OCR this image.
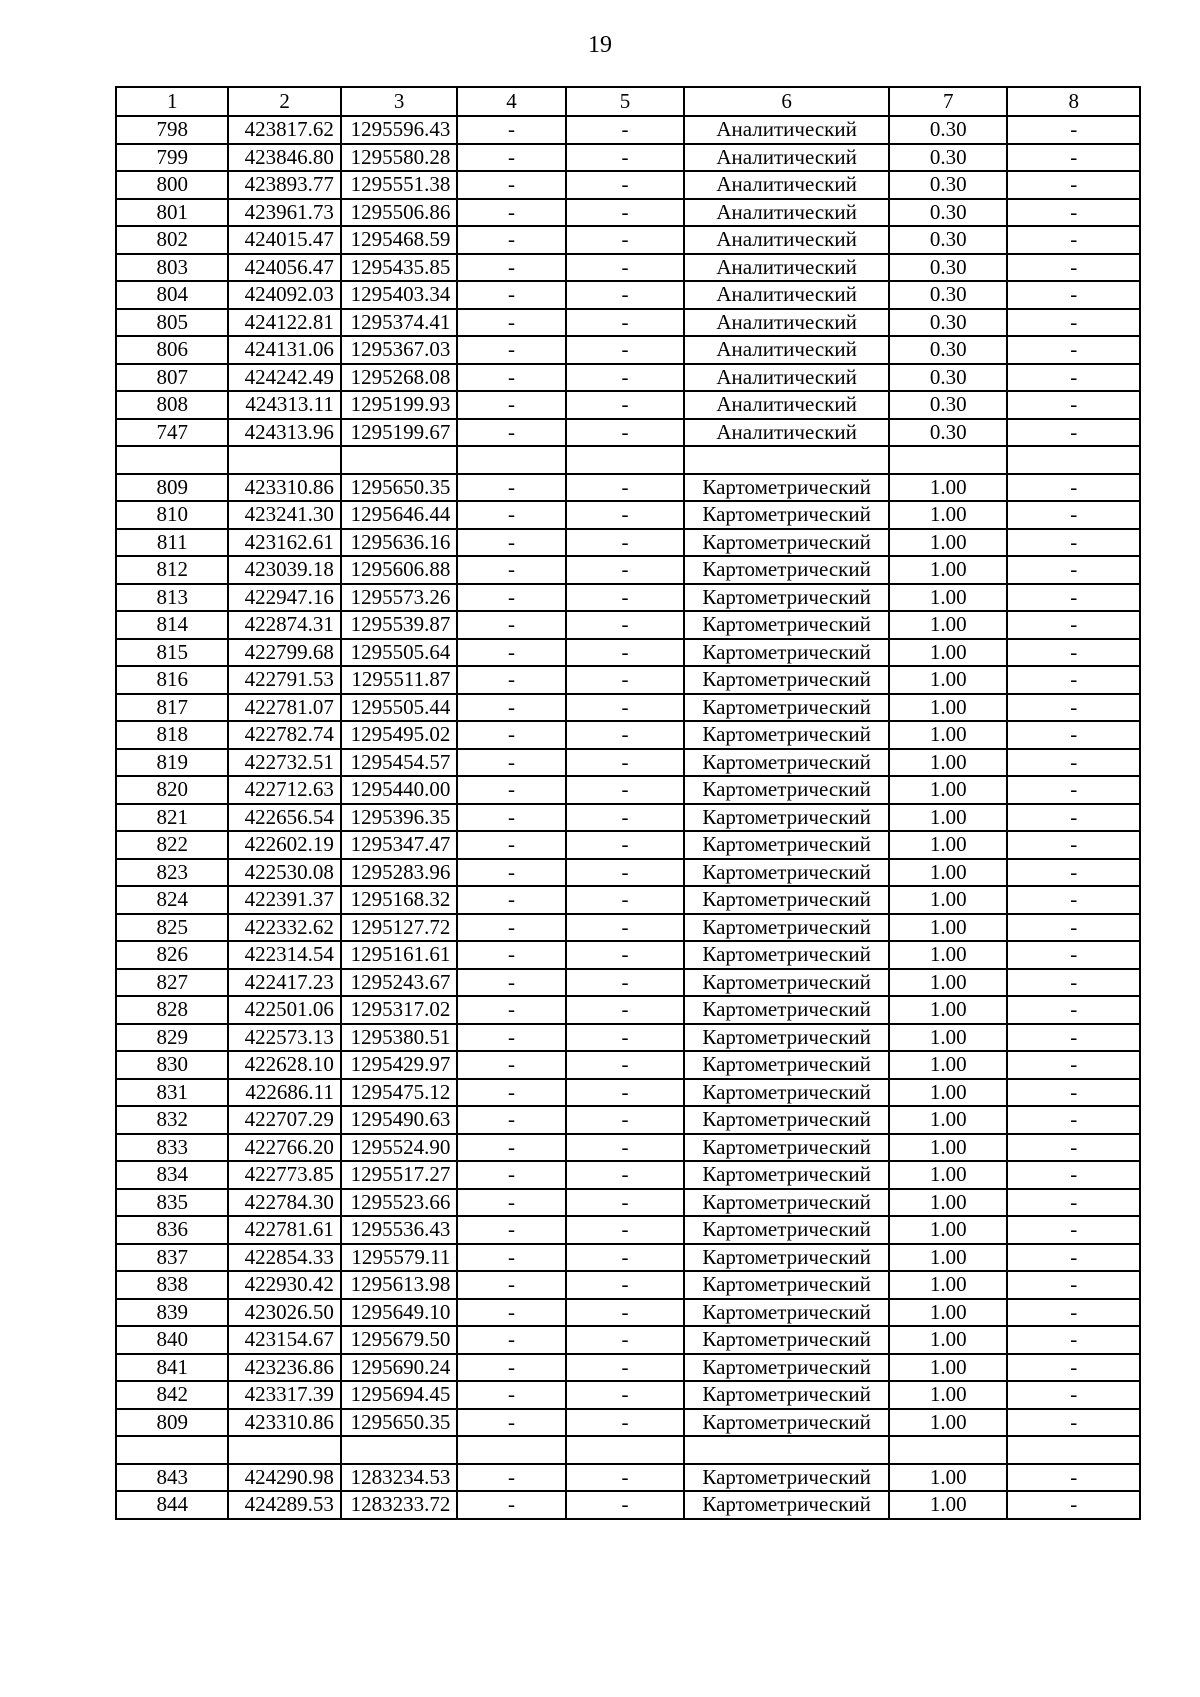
19
1	2	3	4	5	6	7	8
798	423817.62	1295596.43	-	-	Аналитический	0.30	-
799	423846.80	1295580.28	-	-	Аналитический	0.30	-
800	423893.77	1295551.38	-	-	Аналитический	0.30	-
801	423961.73	1295506.86	-	-	Аналитический	0.30	-
802	424015.47	1295468.59	-	-	Аналитический	0.30	-
803	424056.47	1295435.85	-	-	Аналитический	0.30	-
804	424092.03	1295403.34	-	-	Аналитический	0.30	-
805	424122.81	1295374.41	-	-	Аналитический	0.30	-
806	424131.06	1295367.03	-	-	Аналитический	0.30	-
807	424242.49	1295268.08	-	-	Аналитический	0.30	-
808	424313.11	1295199.93	-	-	Аналитический	0.30	-
747	424313.96	1295199.67	-	-	Аналитический	0.30	-

809	423310.86	1295650.35	-	-	Картометрический	1.00	-
810	423241.30	1295646.44	-	-	Картометрический	1.00	-
811	423162.61	1295636.16	-	-	Картометрический	1.00	-
812	423039.18	1295606.88	-	-	Картометрический	1.00	-
813	422947.16	1295573.26	-	-	Картометрический	1.00	-
814	422874.31	1295539.87	-	-	Картометрический	1.00	-
815	422799.68	1295505.64	-	-	Картометрический	1.00	-
816	422791.53	1295511.87	-	-	Картометрический	1.00	-
817	422781.07	1295505.44	-	-	Картометрический	1.00	-
818	422782.74	1295495.02	-	-	Картометрический	1.00	-
819	422732.51	1295454.57	-	-	Картометрический	1.00	-
820	422712.63	1295440.00	-	-	Картометрический	1.00	-
821	422656.54	1295396.35	-	-	Картометрический	1.00	-
822	422602.19	1295347.47	-	-	Картометрический	1.00	-
823	422530.08	1295283.96	-	-	Картометрический	1.00	-
824	422391.37	1295168.32	-	-	Картометрический	1.00	-
825	422332.62	1295127.72	-	-	Картометрический	1.00	-
826	422314.54	1295161.61	-	-	Картометрический	1.00	-
827	422417.23	1295243.67	-	-	Картометрический	1.00	-
828	422501.06	1295317.02	-	-	Картометрический	1.00	-
829	422573.13	1295380.51	-	-	Картометрический	1.00	-
830	422628.10	1295429.97	-	-	Картометрический	1.00	-
831	422686.11	1295475.12	-	-	Картометрический	1.00	-
832	422707.29	1295490.63	-	-	Картометрический	1.00	-
833	422766.20	1295524.90	-	-	Картометрический	1.00	-
834	422773.85	1295517.27	-	-	Картометрический	1.00	-
835	422784.30	1295523.66	-	-	Картометрический	1.00	-
836	422781.61	1295536.43	-	-	Картометрический	1.00	-
837	422854.33	1295579.11	-	-	Картометрический	1.00	-
838	422930.42	1295613.98	-	-	Картометрический	1.00	-
839	423026.50	1295649.10	-	-	Картометрический	1.00	-
840	423154.67	1295679.50	-	-	Картометрический	1.00	-
841	423236.86	1295690.24	-	-	Картометрический	1.00	-
842	423317.39	1295694.45	-	-	Картометрический	1.00	-
809	423310.86	1295650.35	-	-	Картометрический	1.00	-

843	424290.98	1283234.53	-	-	Картометрический	1.00	-
844	424289.53	1283233.72	-	-	Картометрический	1.00	-
